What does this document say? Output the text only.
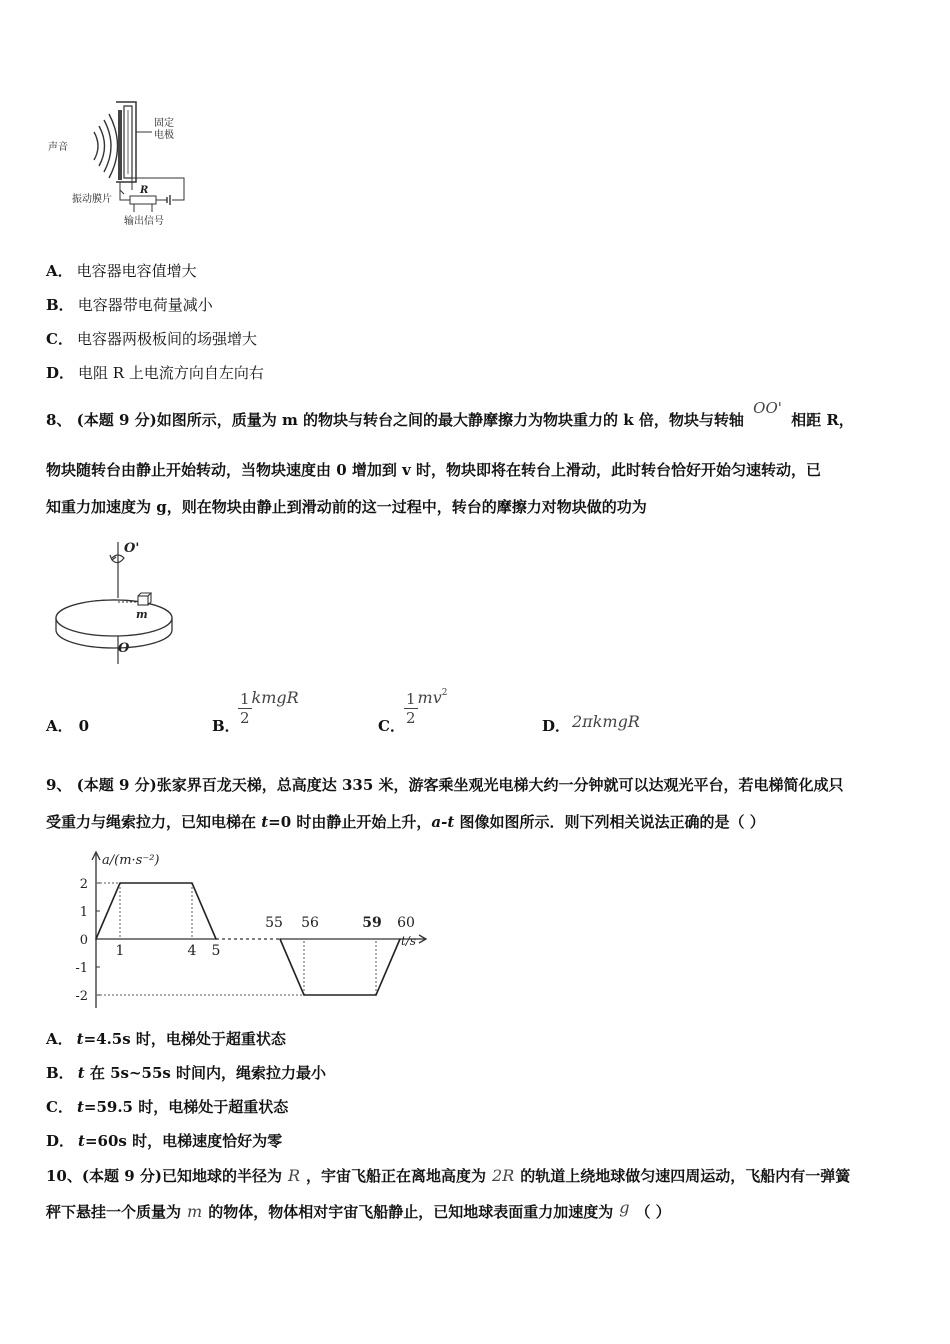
声音
固定
电极
R
振动膜片
输出信号
A． 电容器电容值增大
B． 电容器带电荷量减小
C． 电容器两极板间的场强增大
D． 电阻 R 上电流方向自左向右
8、 (本题 9 分)如图所示，质量为 m 的物块与转台之间的最大静摩擦力为物块重力的 k 倍，物块与转轴 OO' 相距 R，
物块随转台由静止开始转动，当物块速度由 0 增加到 v 时，物块即将在转台上滑动，此时转台恰好开始匀速转动，已
知重力加速度为 g，则在物块由静止到滑动前的这一过程中，转台的摩擦力对物块做的功为
O'
m
O
A． 0	B．
$\frac{1}{2}$ kmgR
C． $\frac{1}{2} mv^2$
D． 2πkmgR
9、 (本题 9 分)张家界百龙天梯，总高度达 335 米，游客乘坐观光电梯大约一分钟就可以达观光平台，若电梯简化成只
受重力与绳索拉力，已知电梯在 t=0 时由静止开始上升，a-t 图像如图所示．则下列相关说法正确的是（ ）
2
1
0
-1
-2
1	4 5
55 56	59 60
a/(m·s⁻²)
t/s
A． t=4.5s 时，电梯处于超重状态
B． t 在 5s~55s 时间内，绳索拉力最小
C． t=59.5 时，电梯处于超重状态
D． t=60s 时，电梯速度恰好为零
10、(本题 9 分)已知地球的半径为 R ，宇宙飞船正在离地高度为 2R 的轨道上绕地球做匀速四周运动，飞船内有一弹簧
秤下悬挂一个质量为 m 的物体，物体相对宇宙飞船静止，已知地球表面重力加速度为 g （ ）
